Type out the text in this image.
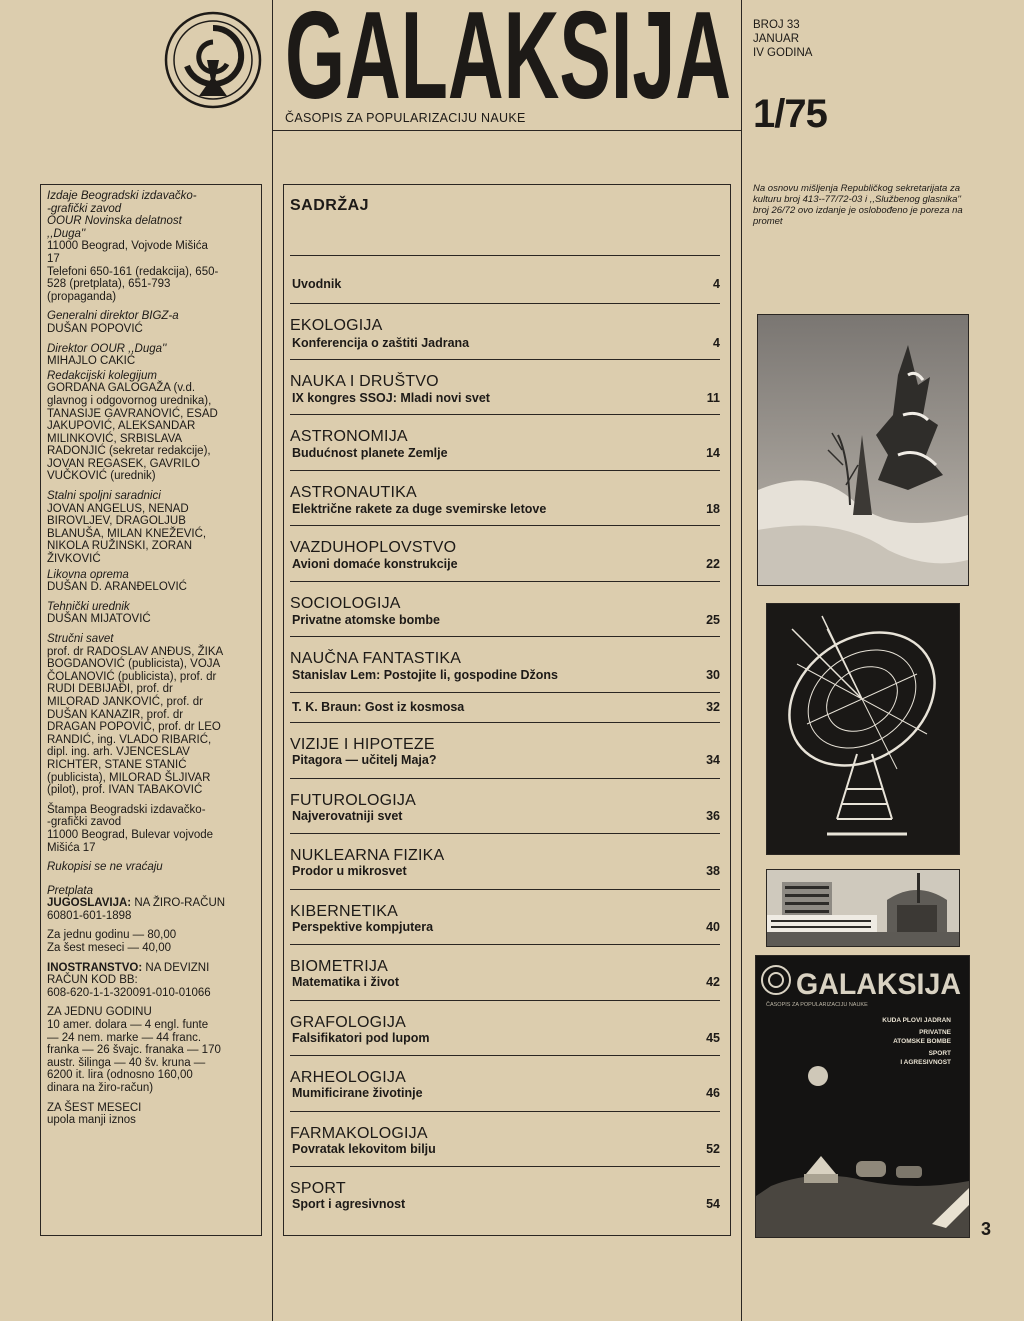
GALAKSIJA
ČASOPIS ZA POPULARIZACIJU NAUKE
BROJ 33
JANUAR
IV GODINA
1/75
Na osnovu mišljenja Republičkog sekretarijata za kulturu broj 413--77/72-03 i ,,Službenog glasnika'' broj 26/72 ovo izdanje je oslobođeno je poreza na promet
Izdaje Beogradski izdavačko-
-grafički zavod
OOUR Novinska delatnost
,,Duga''
11000 Beograd, Vojvode Mišića
17
Telefoni 650-161 (redakcija), 650-
528 (pretplata), 651-793
(propaganda)
Generalni direktor BIGZ-a
DUŠAN POPOVIĆ
Direktor OOUR ,,Duga''
MIHAJLO CAKIĆ
Redakcijski kolegijum
GORDANA GALOGAŽA (v.d.
glavnog i odgovornog urednika),
TANASIJE GAVRANOVIĆ, ESAD
JAKUPOVIĆ, ALEKSANDAR
MILINKOVIĆ, SRBISLAVA
RADONJIĆ (sekretar redakcije),
JOVAN REGASEK, GAVRILO
VUČKOVIĆ (urednik)
Stalni spoljni saradnici
JOVAN ANGELUS, NENAD
BIROVLJEV, DRAGOLJUB
BLANUŠA, MILAN KNEŽEVIĆ,
NIKOLA RUŽINSKI, ZORAN
ŽIVKOVIĆ
Likovna oprema
DUŠAN D. ARANĐELOVIĆ
Tehnički urednik
DUŠAN MIJATOVIĆ
Stručni savet
prof. dr RADOSLAV ANĐUS, ŽIKA
BOGDANOVIĆ (publicista), VOJA
ČOLANOVIĆ (publicista), prof. dr
RUDI DEBIJAĐI, prof. dr
MILORAD JANKOVIĆ, prof. dr
DUŠAN KANAZIR, prof. dr
DRAGAN POPOVIĆ, prof. dr LEO
RANDIĆ, ing. VLADO RIBARIĆ,
dipl. ing. arh. VJENCESLAV
RICHTER, STANE STANIĆ
(publicista), MILORAD ŠLJIVAR
(pilot), prof. IVAN TABAKOVIĆ
Štampa Beogradski izdavačko-
-grafički zavod
11000 Beograd, Bulevar vojvode
Mišića 17
Rukopisi se ne vraćaju
Pretplata
JUGOSLAVIJA: NA ŽIRO-RAČUN
60801-601-1898
Za jednu godinu — 80,00
Za šest meseci — 40,00
INOSTRANSTVO: NA DEVIZNI
RAČUN KOD BB:
608-620-1-1-320091-010-01066
ZA JEDNU GODINU
10 amer. dolara — 4 engl. funte
— 24 nem. marke — 44 franc.
franka — 26 švajc. franaka — 170
austr. šilinga — 40 šv. kruna —
6200 it. lira (odnosno 160,00
dinara na žiro-račun)
ZA ŠEST MESECI
upola manji iznos
SADRŽAJ
Uvodnik	4
EKOLOGIJA
Konferencija o zaštiti Jadrana	4
NAUKA I DRUŠTVO
IX kongres SSOJ: Mladi novi svet	11
ASTRONOMIJA
Budućnost planete Zemlje	14
ASTRONAUTIKA
Električne rakete za duge svemirske letove	18
VAZDUHOPLOVSTVO
Avioni domaće konstrukcije	22
SOCIOLOGIJA
Privatne atomske bombe	25
NAUČNA FANTASTIKA
Stanislav Lem: Postojite li, gospodine Džons	30
T. K. Braun: Gost iz kosmosa	32
VIZIJE I HIPOTEZE
Pitagora — učitelj Maja?	34
FUTUROLOGIJA
Najverovatniji svet	36
NUKLEARNA FIZIKA
Prodor u mikrosvet	38
KIBERNETIKA
Perspektive kompjutera	40
BIOMETRIJA
Matematika i život	42
GRAFOLOGIJA
Falsifikatori pod lupom	45
ARHEOLOGIJA
Mumificirane životinje	46
FARMAKOLOGIJA
Povratak lekovitom bilju	52
SPORT
Sport i agresivnost	54
GALAKSIJA
ČASOPIS ZA POPULARIZACIJU NAUKE
KUDA PLOVI JADRAN
PRIVATNE
ATOMSKE BOMBE
SPORT
I AGRESIVNOST
3
